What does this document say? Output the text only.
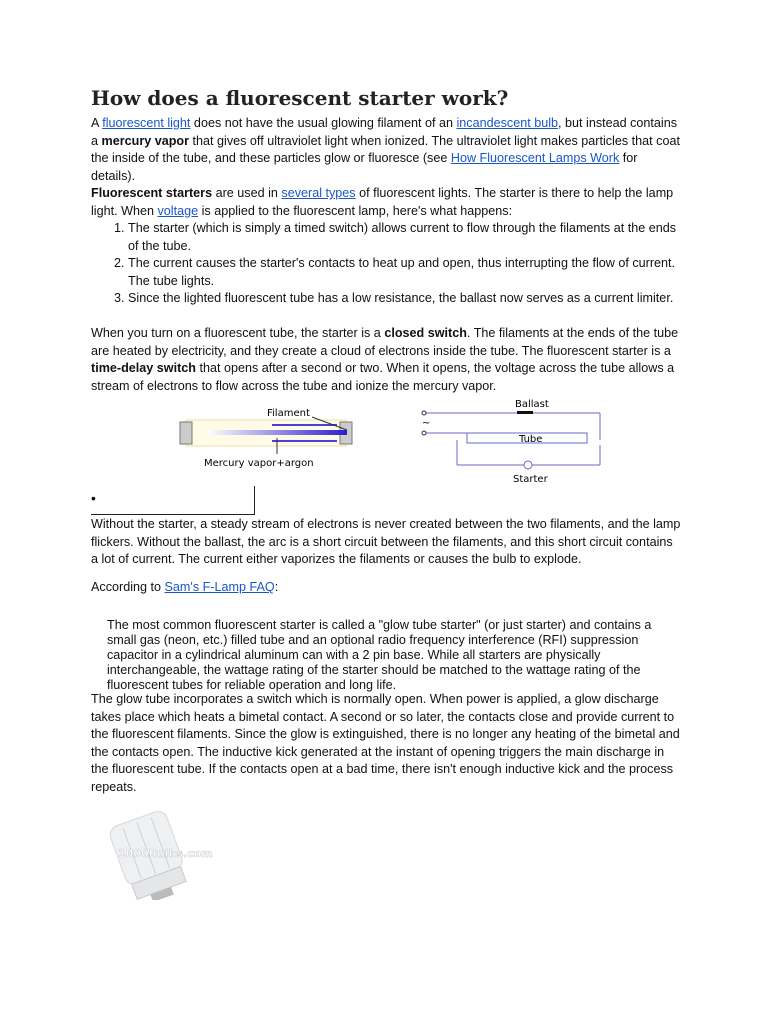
How does a fluorescent starter work?

A fluorescent light does not have the usual glowing filament of an incandescent bulb, but instead contains a mercury vapor that gives off ultraviolet light when ionized. The ultraviolet light makes particles that coat the inside of the tube, and these particles glow or fluoresce (see How Fluorescent Lamps Work for details).

Fluorescent starters are used in several types of fluorescent lights. The starter is there to help the lamp light. When voltage is applied to the fluorescent lamp, here's what happens:

1. The starter (which is simply a timed switch) allows current to flow through the filaments at the ends of the tube.
2. The current causes the starter's contacts to heat up and open, thus interrupting the flow of current. The tube lights.
3. Since the lighted fluorescent tube has a low resistance, the ballast now serves as a current limiter.

When you turn on a fluorescent tube, the starter is a closed switch. The filaments at the ends of the tube are heated by electricity, and they create a cloud of electrons inside the tube. The fluorescent starter is a time-delay switch that opens after a second or two. When it opens, the voltage across the tube allows a stream of electrons to flow across the tube and ionize the mercury vapor.

Filament
Mercury vapor+argon
~
Ballast
Tube
Starter
•

Without the starter, a steady stream of electrons is never created between the two filaments, and the lamp flickers. Without the ballast, the arc is a short circuit between the filaments, and this short circuit contains a lot of current. The current either vaporizes the filaments or causes the bulb to explode.

According to Sam's F-Lamp FAQ:

The most common fluorescent starter is called a "glow tube starter" (or just starter) and contains a small gas (neon, etc.) filled tube and an optional radio frequency interference (RFI) suppression capacitor in a cylindrical aluminum can with a 2 pin base. While all starters are physically interchangeable, the wattage rating of the starter should be matched to the wattage rating of the fluorescent tubes for reliable operation and long life.

The glow tube incorporates a switch which is normally open. When power is applied, a glow discharge takes place which heats a bimetal contact. A second or so later, the contacts close and provide current to the fluorescent filaments. Since the glow is extinguished, there is no longer any heating of the bimetal and the contacts open. The inductive kick generated at the instant of opening triggers the main discharge in the fluorescent tube. If the contacts open at a bad time, there isn't enough inductive kick and the process repeats.

1000Bulbs.com
